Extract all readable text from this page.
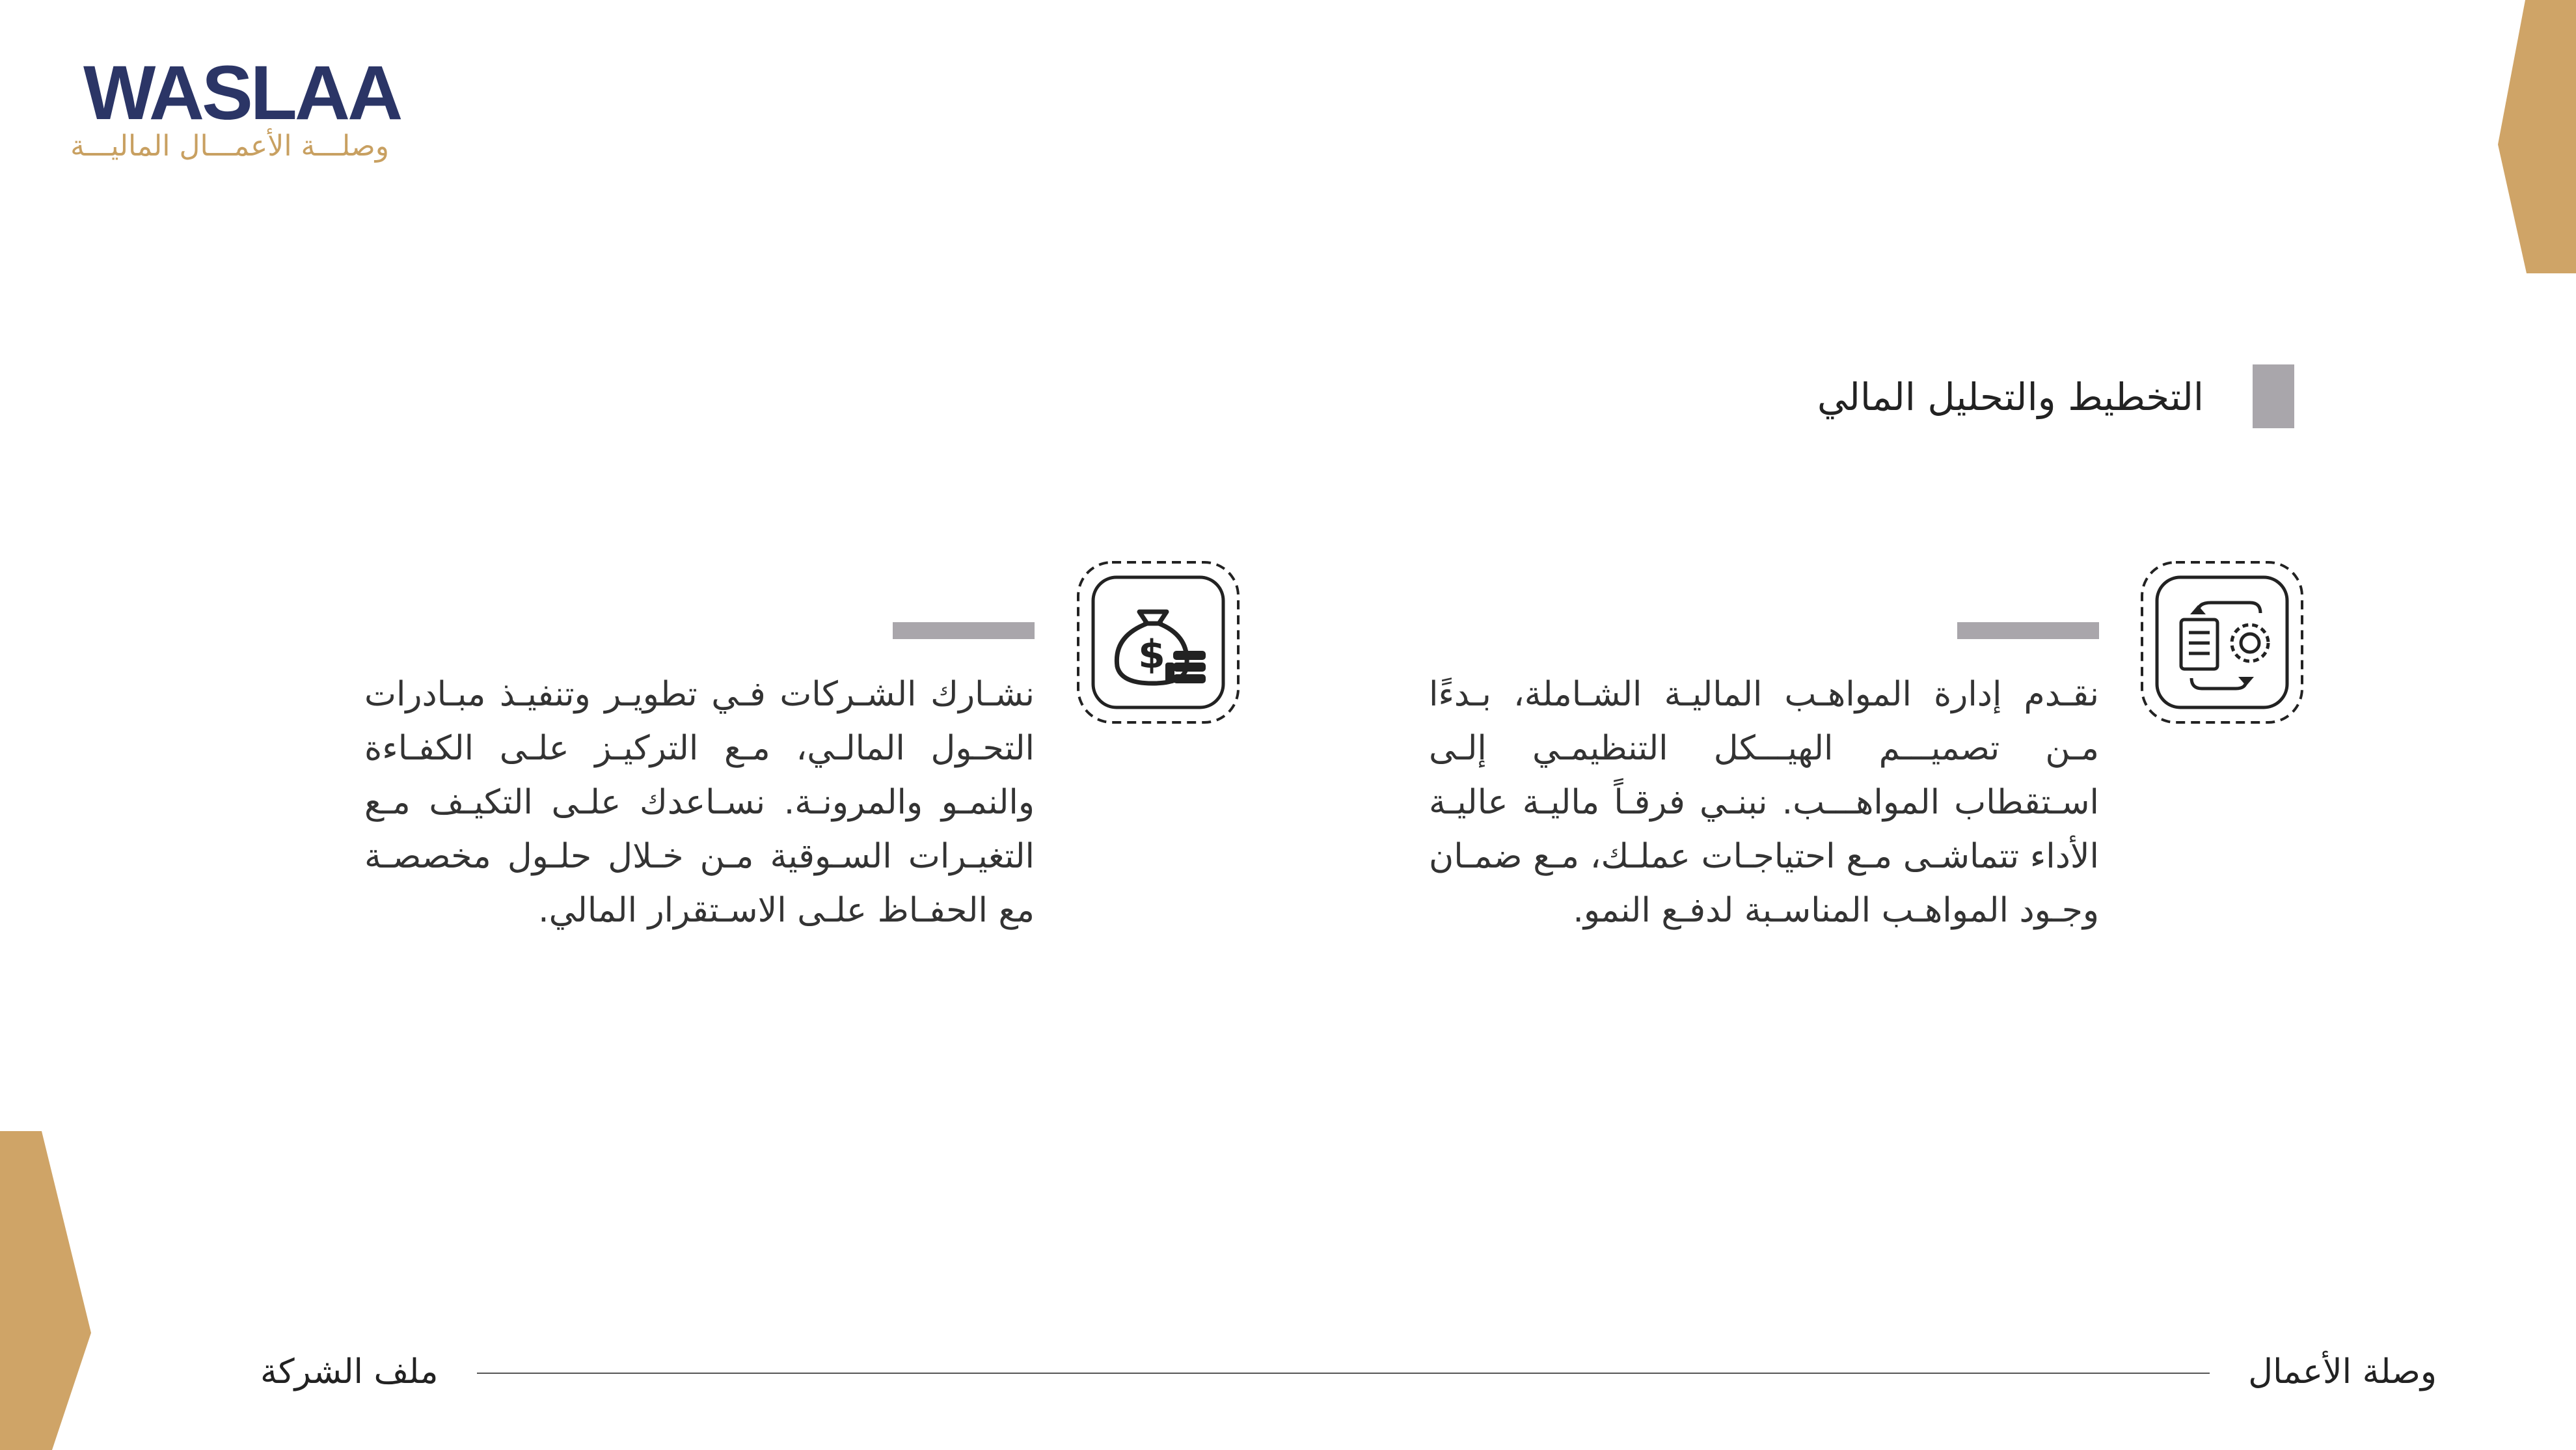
WASLAA
وصلـــة الأعمـــال الماليـــة
التخطيط والتحليل المالي
نقـدم إدارة المواهـب الماليـة الشـاملة، بـدءًا مـن تصميـــم الهيـــكل التنظيمـي إلـى اسـتقطاب المواهـــب. نبنـي فرقـاً ماليـة عاليـة الأداء تتماشـى مـع احتياجـات عملـك، مـع ضمـان وجـود المواهـب المناسـبة لدفـع النمو.
$
نشـارك الشـركات فـي تطويـر وتنفيـذ مبـادرات التحـول المالـي، مـع التركيـز علـى الكفـاءة والنمـو والمرونـة. نسـاعدك علـى التكيـف مـع التغيـرات السـوقية مـن خـلال حلـول مخصصـة مع الحفـاظ علـى الاسـتقرار المالي.
وصلة الأعمال
ملف الشركة
